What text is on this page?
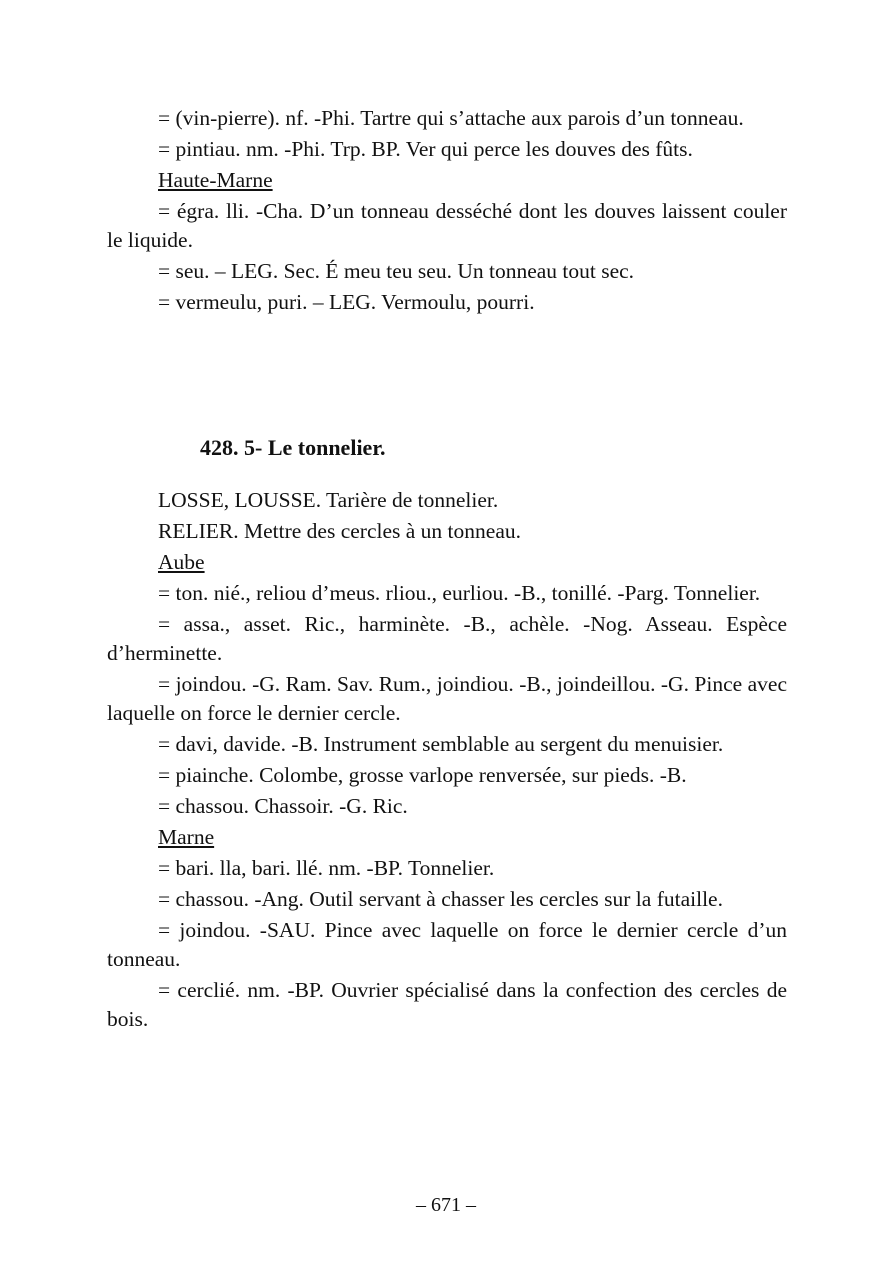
= (vin-pierre). nf. -Phi. Tartre qui s’attache aux parois d’un tonneau.
= pintiau. nm. -Phi. Trp. BP. Ver qui perce les douves des fûts.
Haute-Marne
= égra. lli. -Cha. D’un tonneau desséché dont les douves laissent couler le liquide.
= seu. – LEG. Sec. É meu teu seu. Un tonneau tout sec.
= vermeulu, puri. – LEG. Vermoulu, pourri.
428. 5- Le tonnelier.
LOSSE, LOUSSE. Tarière de tonnelier.
RELIER. Mettre des cercles à un tonneau.
Aube
= ton. nié., reliou d’meus. rliou., eurliou. -B., tonillé. -Parg. Tonnelier.
= assa., asset. Ric., harminète. -B., achèle. -Nog. Asseau. Espèce d’herminette.
= joindou. -G. Ram. Sav. Rum., joindiou. -B., joindeillou. -G. Pince avec laquelle on force le dernier cercle.
= davi, davide. -B. Instrument semblable au sergent du menuisier.
= piainche. Colombe, grosse varlope renversée, sur pieds. -B.
= chassou. Chassoir. -G. Ric.
Marne
= bari. lla, bari. llé. nm. -BP. Tonnelier.
= chassou. -Ang. Outil servant à chasser les cercles sur la futaille.
= joindou. -SAU. Pince avec laquelle on force le dernier cercle d’un tonneau.
= cerclié. nm. -BP. Ouvrier spécialisé dans la confection des cercles de bois.
– 671 –
